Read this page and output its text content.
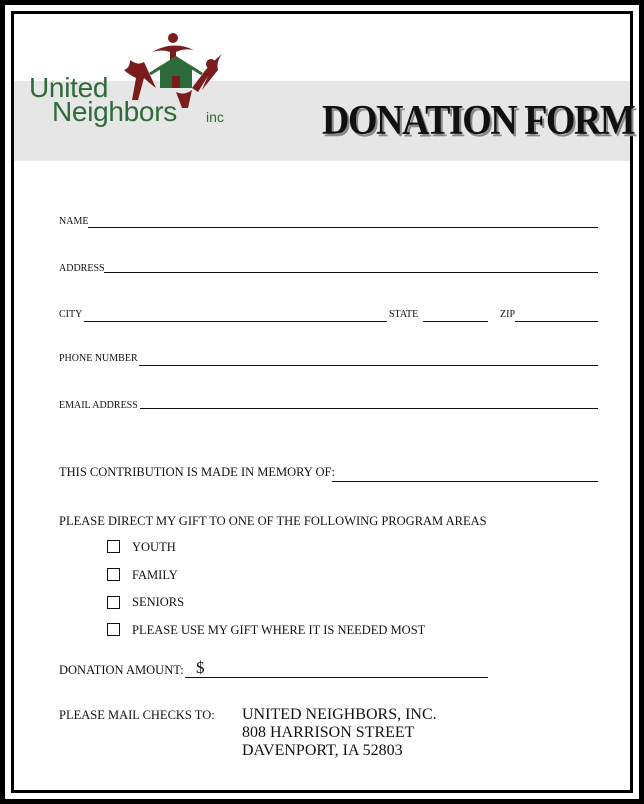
United
Neighbors inc	DONATION FORM
NAME
ADDRESS
CITY	STATE	ZIP
PHONE NUMBER
EMAIL ADDRESS
THIS CONTRIBUTION IS MADE IN MEMORY OF:
PLEASE DIRECT MY GIFT TO ONE OF THE FOLLOWING PROGRAM AREAS
YOUTH
FAMILY
SENIORS
PLEASE USE MY GIFT WHERE IT IS NEEDED MOST
DONATION AMOUNT: $
PLEASE MAIL CHECKS TO: UNITED NEIGHBORS, INC.
808 HARRISON STREET
DAVENPORT, IA 52803
